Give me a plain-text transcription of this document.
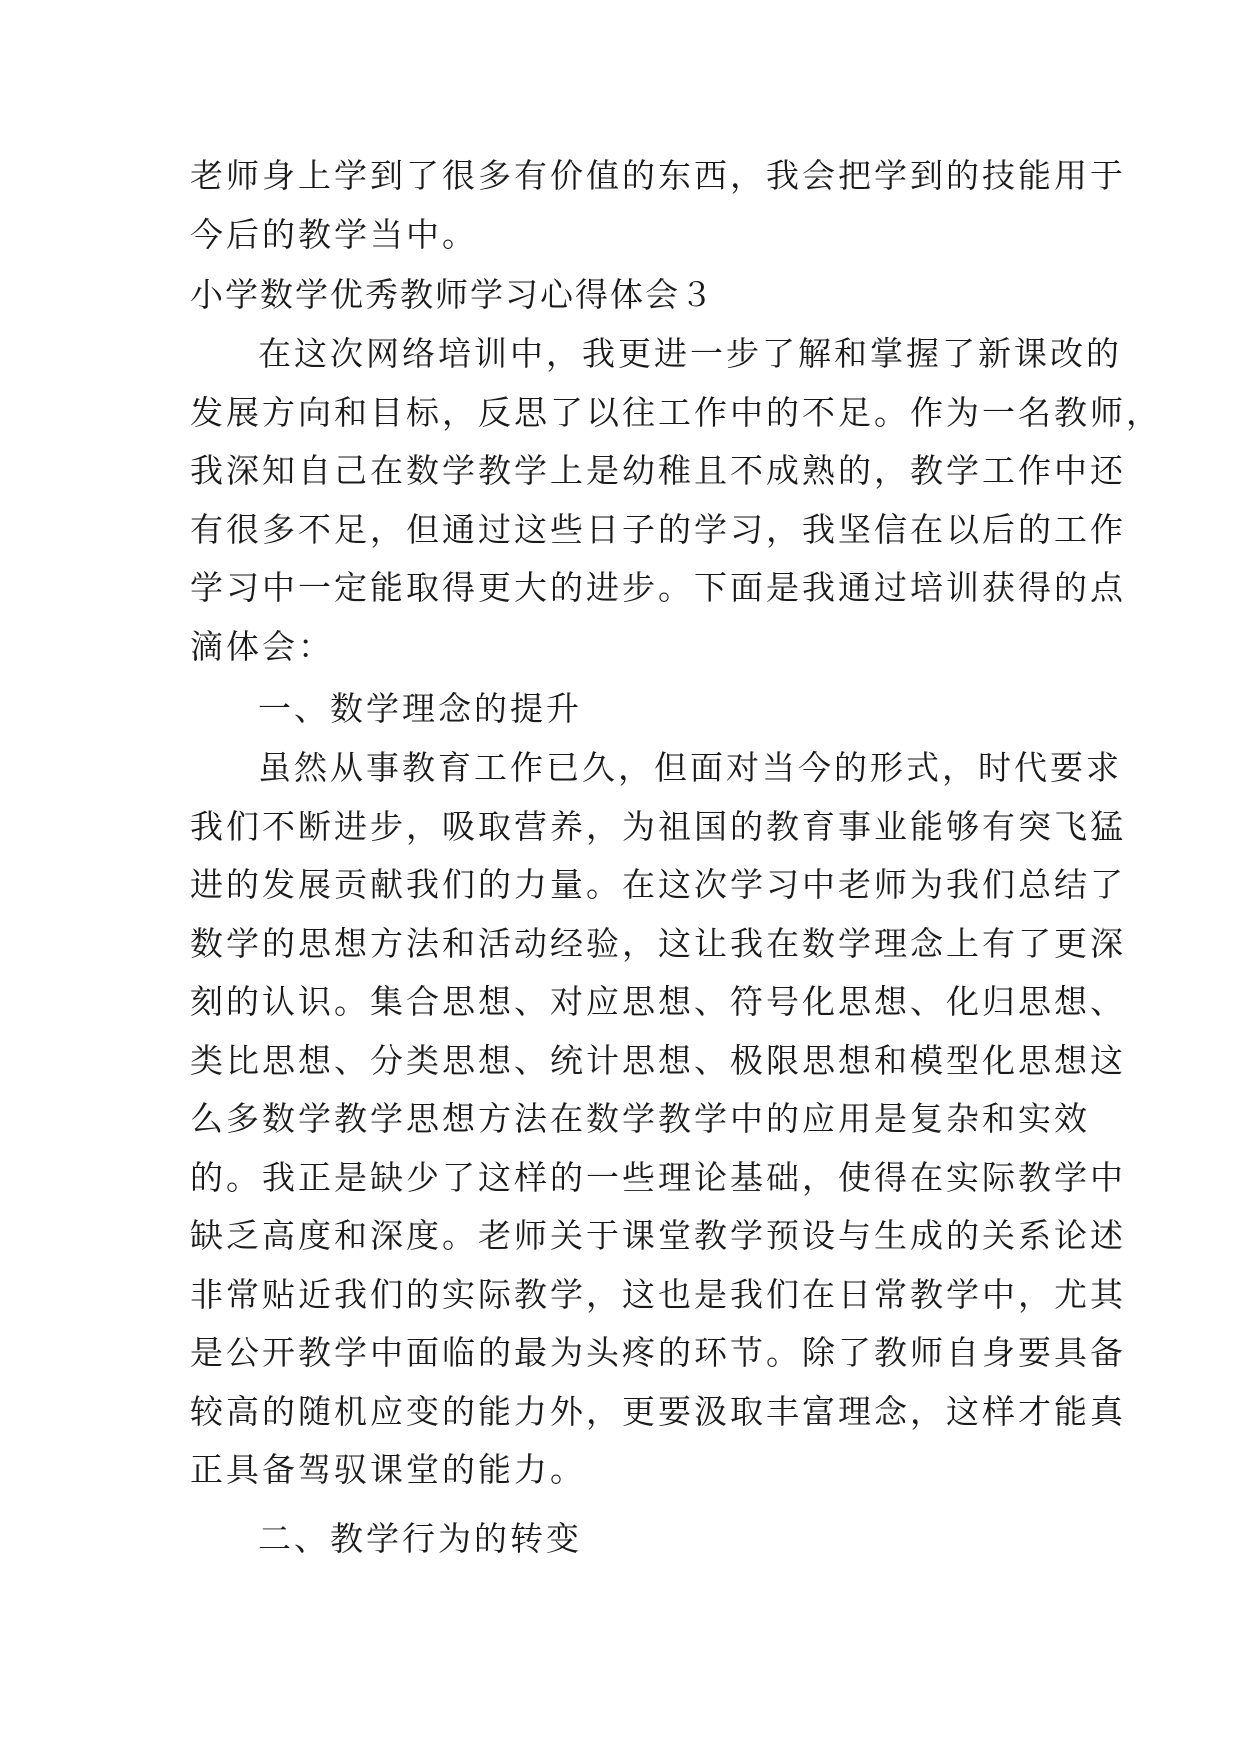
老师身上学到了很多有价值的东西，我会把学到的技能用于
今后的教学当中。
小学数学优秀教师学习心得体会３
在这次网络培训中，我更进一步了解和掌握了新课改的
发展方向和目标，反思了以往工作中的不足。作为一名教师，
我深知自己在数学教学上是幼稚且不成熟的，教学工作中还
有很多不足，但通过这些日子的学习，我坚信在以后的工作
学习中一定能取得更大的进步。下面是我通过培训获得的点
滴体会：
一、数学理念的提升
虽然从事教育工作已久，但面对当今的形式，时代要求
我们不断进步，吸取营养，为祖国的教育事业能够有突飞猛
进的发展贡献我们的力量。在这次学习中老师为我们总结了
数学的思想方法和活动经验，这让我在数学理念上有了更深
刻的认识。集合思想、对应思想、符号化思想、化归思想、
类比思想、分类思想、统计思想、极限思想和模型化思想这
么多数学教学思想方法在数学教学中的应用是复杂和实效
的。我正是缺少了这样的一些理论基础，使得在实际教学中
缺乏高度和深度。老师关于课堂教学预设与生成的关系论述
非常贴近我们的实际教学，这也是我们在日常教学中，尤其
是公开教学中面临的最为头疼的环节。除了教师自身要具备
较高的随机应变的能力外，更要汲取丰富理念，这样才能真
正具备驾驭课堂的能力。
二、教学行为的转变
